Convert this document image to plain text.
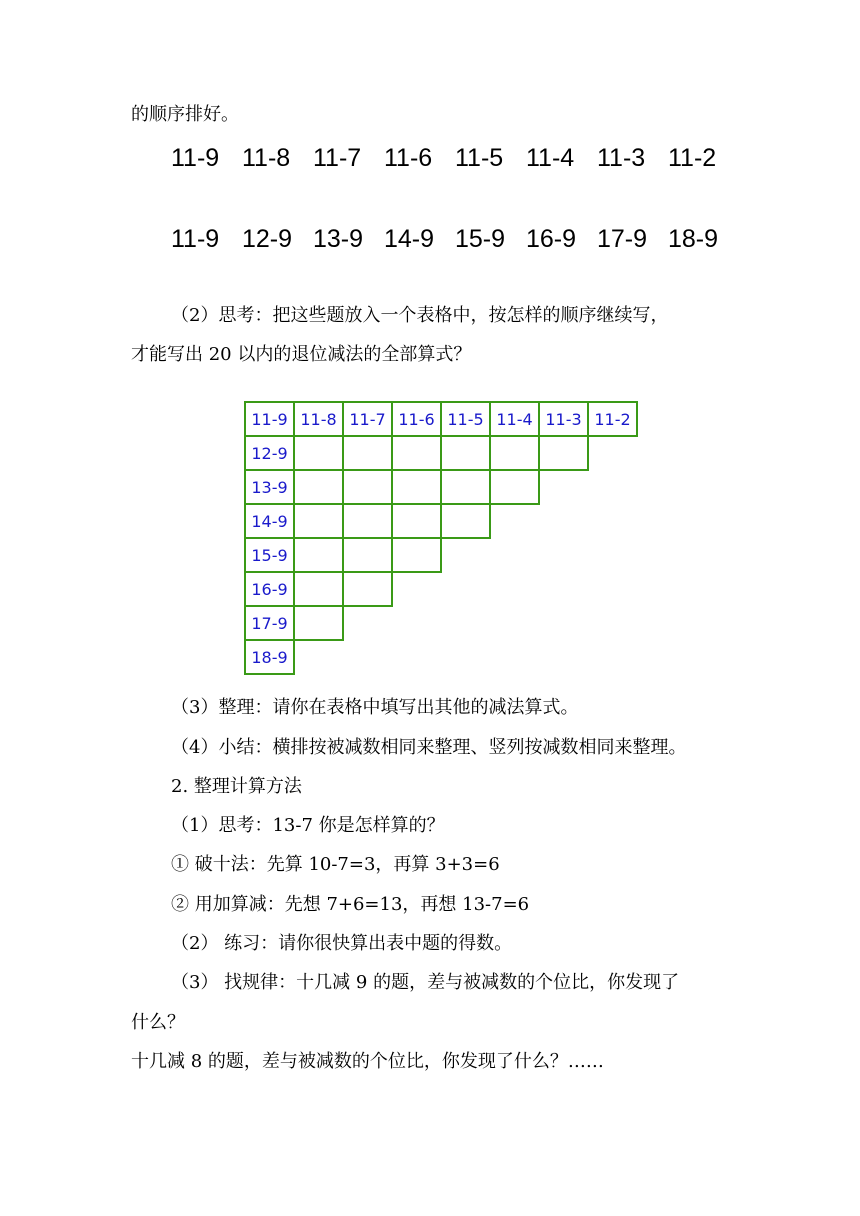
的顺序排好。
11-9 11-8 11-7 11-6 11-5 11-4 11-3 11-2
11-9 12-9 13-9 14-9 15-9 16-9 17-9 18-9
（2）思考：把这些题放入一个表格中，按怎样的顺序继续写，
才能写出 20 以内的退位减法的全部算式？
11-9 11-8 11-7 11-6 11-5 11-4 11-3 11-2
12-9
13-9
14-9
15-9
16-9
17-9
18-9
（3）整理：请你在表格中填写出其他的减法算式。
（4）小结：横排按被减数相同来整理、竖列按减数相同来整理。
2. 整理计算方法
（1）思考：13-7 你是怎样算的？
① 破十法：先算 10-7=3，再算 3+3=6
② 用加算减：先想 7+6=13，再想 13-7=6
（2） 练习：请你很快算出表中题的得数。
（3） 找规律：十几减 9 的题，差与被减数的个位比，你发现了
什么？
十几减 8 的题，差与被减数的个位比，你发现了什么？……
